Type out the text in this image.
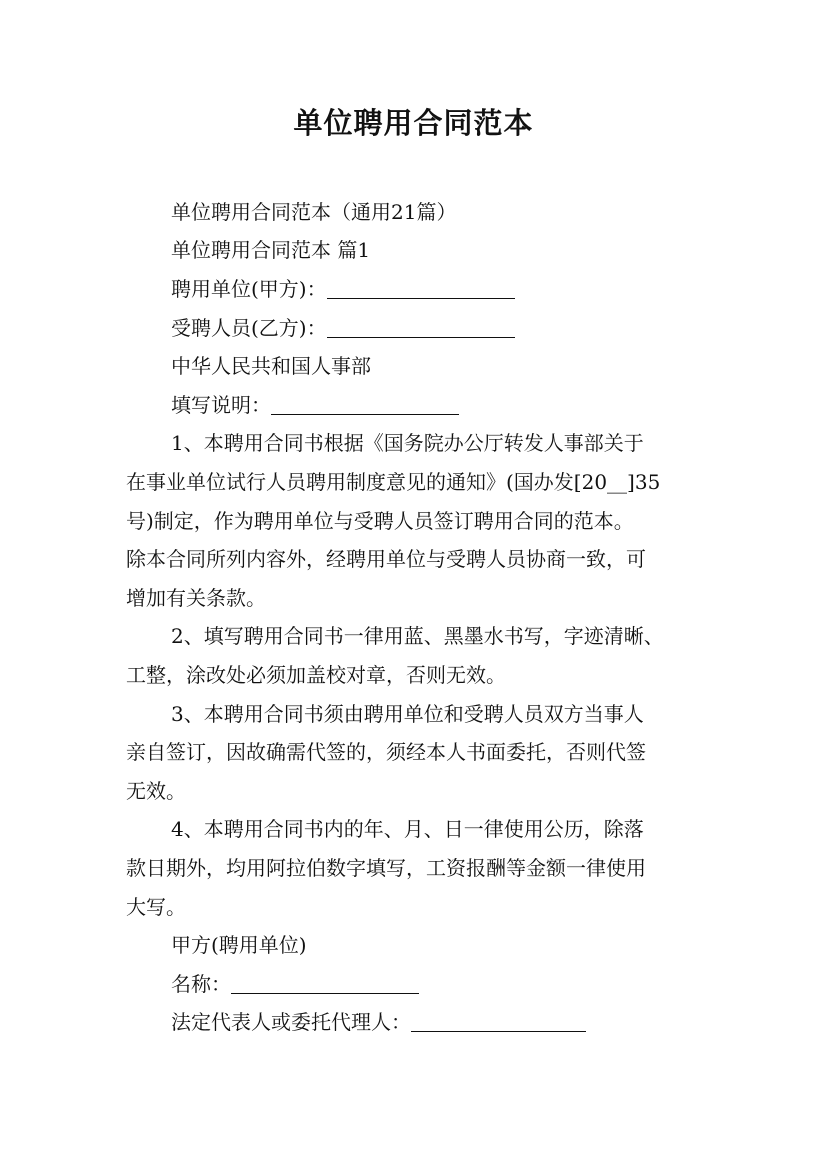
单位聘用合同范本
单位聘用合同范本（通用21篇）
单位聘用合同范本 篇1
聘用单位(甲方)：
受聘人员(乙方)：
中华人民共和国人事部
填写说明：
1、本聘用合同书根据《国务院办公厅转发人事部关于
在事业单位试行人员聘用制度意见的通知》(国办发[20__]35
号)制定，作为聘用单位与受聘人员签订聘用合同的范本。
除本合同所列内容外，经聘用单位与受聘人员协商一致，可
增加有关条款。
2、填写聘用合同书一律用蓝、黑墨水书写，字迹清晰、
工整，涂改处必须加盖校对章，否则无效。
3、本聘用合同书须由聘用单位和受聘人员双方当事人
亲自签订，因故确需代签的，须经本人书面委托，否则代签
无效。
4、本聘用合同书内的年、月、日一律使用公历，除落
款日期外，均用阿拉伯数字填写，工资报酬等金额一律使用
大写。
甲方(聘用单位)
名称：
法定代表人或委托代理人：
